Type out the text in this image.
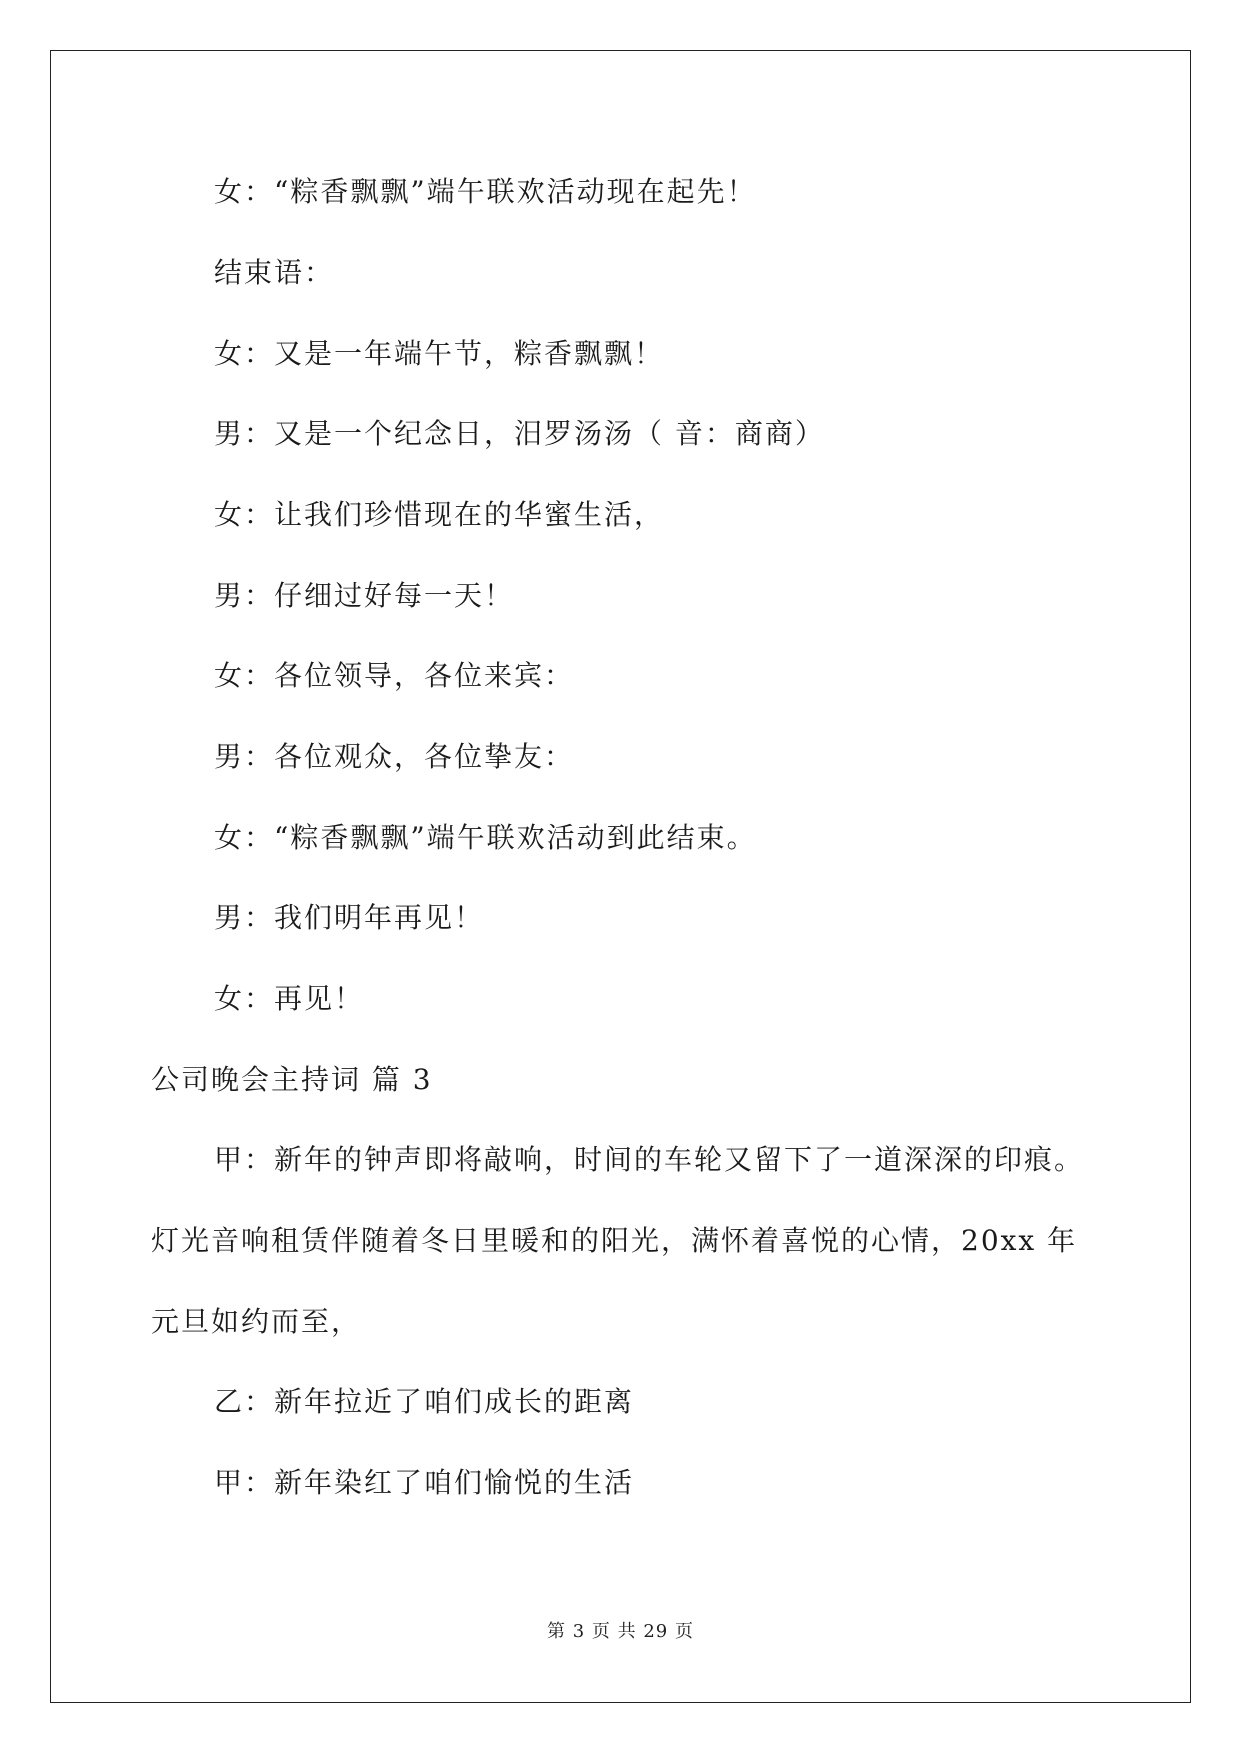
女：“粽香飘飘”端午联欢活动现在起先！
结束语：
女：又是一年端午节，粽香飘飘！
男：又是一个纪念日，汨罗汤汤（ 音：商商）
女：让我们珍惜现在的华蜜生活，
男：仔细过好每一天！
女：各位领导，各位来宾：
男：各位观众，各位挚友：
女：“粽香飘飘”端午联欢活动到此结束。
男：我们明年再见！
女：再见！
公司晚会主持词 篇 3
甲：新年的钟声即将敲响，时间的车轮又留下了一道深深的印痕。
灯光音响租赁伴随着冬日里暖和的阳光，满怀着喜悦的心情，20xx 年
元旦如约而至，
乙：新年拉近了咱们成长的距离
甲：新年染红了咱们愉悦的生活
第 3 页 共 29 页
